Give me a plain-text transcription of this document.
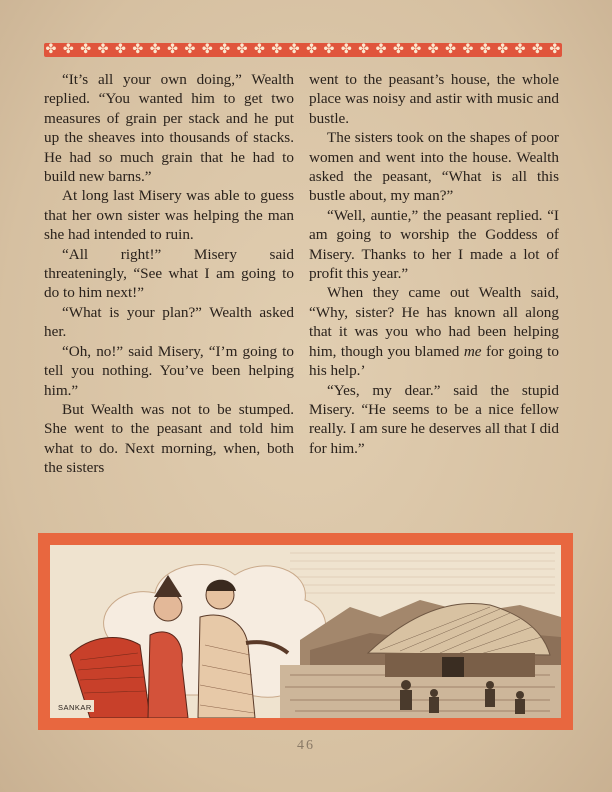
✤ ✤ ✤ ✤ ✤ ✤ ✤ ✤ ✤ ✤ ✤ ✤ ✤ ✤ ✤ ✤ ✤ ✤ ✤ ✤ ✤ ✤ ✤ ✤ ✤ ✤ ✤ ✤ ✤ ✤

“It’s all your own doing,” Wealth replied. “You wanted him to get two measures of grain per stack and he put up the sheaves into thousands of stacks. He had so much grain that he had to build new barns.”

At long last Misery was able to guess that her own sister was helping the man she had intended to ruin.

“All right!” Misery said threateningly, “See what I am going to do to him next!”

“What is your plan?” Wealth asked her.

“Oh, no!” said Misery, “I’m going to tell you nothing. You’ve been helping him.”

But Wealth was not to be stumped. She went to the peasant and told him what to do. Next morning, when, both the sisters

went to the peasant’s house, the whole place was noisy and astir with music and bustle.

The sisters took on the shapes of poor women and went into the house. Wealth asked the peasant, “What is all this bustle about, my man?”

“Well, auntie,” the peasant replied. “I am going to worship the Goddess of Misery. Thanks to her I made a lot of profit this year.”

When they came out Wealth said, “Why, sister? He has known all along that it was you who had been helping him, though you blamed me for going to his help.’

“Yes, my dear.” said the stupid Misery. “He seems to be a nice fellow really. I am sure he deserves all that I did for him.”

SANKAR
46
